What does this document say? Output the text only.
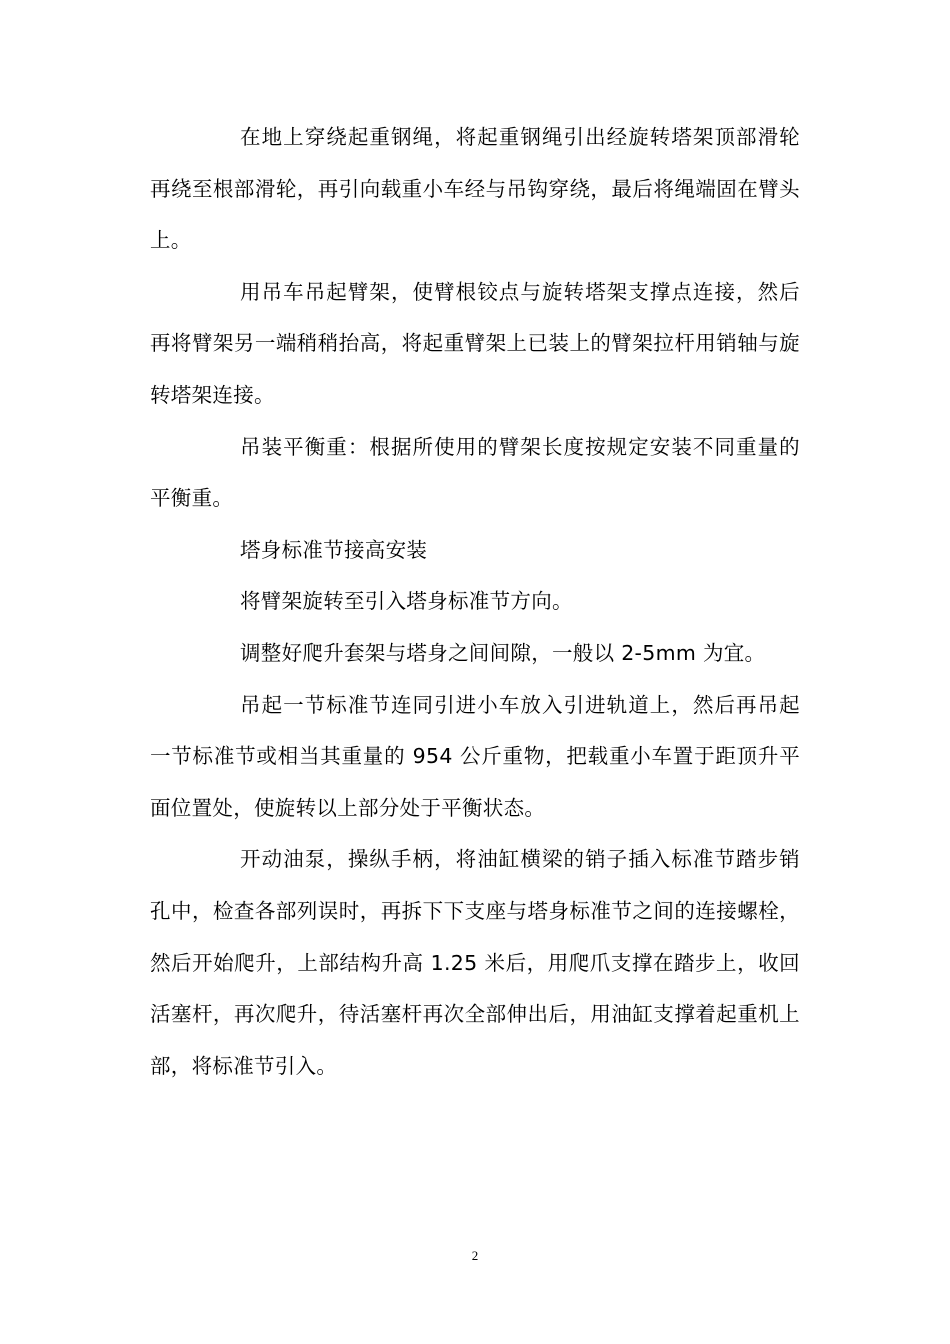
在地上穿绕起重钢绳，将起重钢绳引出经旋转塔架顶部滑轮再绕至根部滑轮，再引向载重小车经与吊钩穿绕，最后将绳端固在臂头上。

用吊车吊起臂架，使臂根铰点与旋转塔架支撑点连接，然后再将臂架另一端稍稍抬高，将起重臂架上已装上的臂架拉杆用销轴与旋转塔架连接。

吊装平衡重：根据所使用的臂架长度按规定安装不同重量的平衡重。

塔身标准节接高安装

将臂架旋转至引入塔身标准节方向。

调整好爬升套架与塔身之间间隙，一般以 2-5mm 为宜。

吊起一节标准节连同引进小车放入引进轨道上，然后再吊起一节标准节或相当其重量的 954 公斤重物，把载重小车置于距顶升平面位置处，使旋转以上部分处于平衡状态。

开动油泵，操纵手柄，将油缸横梁的销子插入标准节踏步销孔中，检查各部列误时，再拆下下支座与塔身标准节之间的连接螺栓，然后开始爬升，上部结构升高 1.25 米后，用爬爪支撑在踏步上，收回活塞杆，再次爬升，待活塞杆再次全部伸出后，用油缸支撑着起重机上部，将标准节引入。

2
